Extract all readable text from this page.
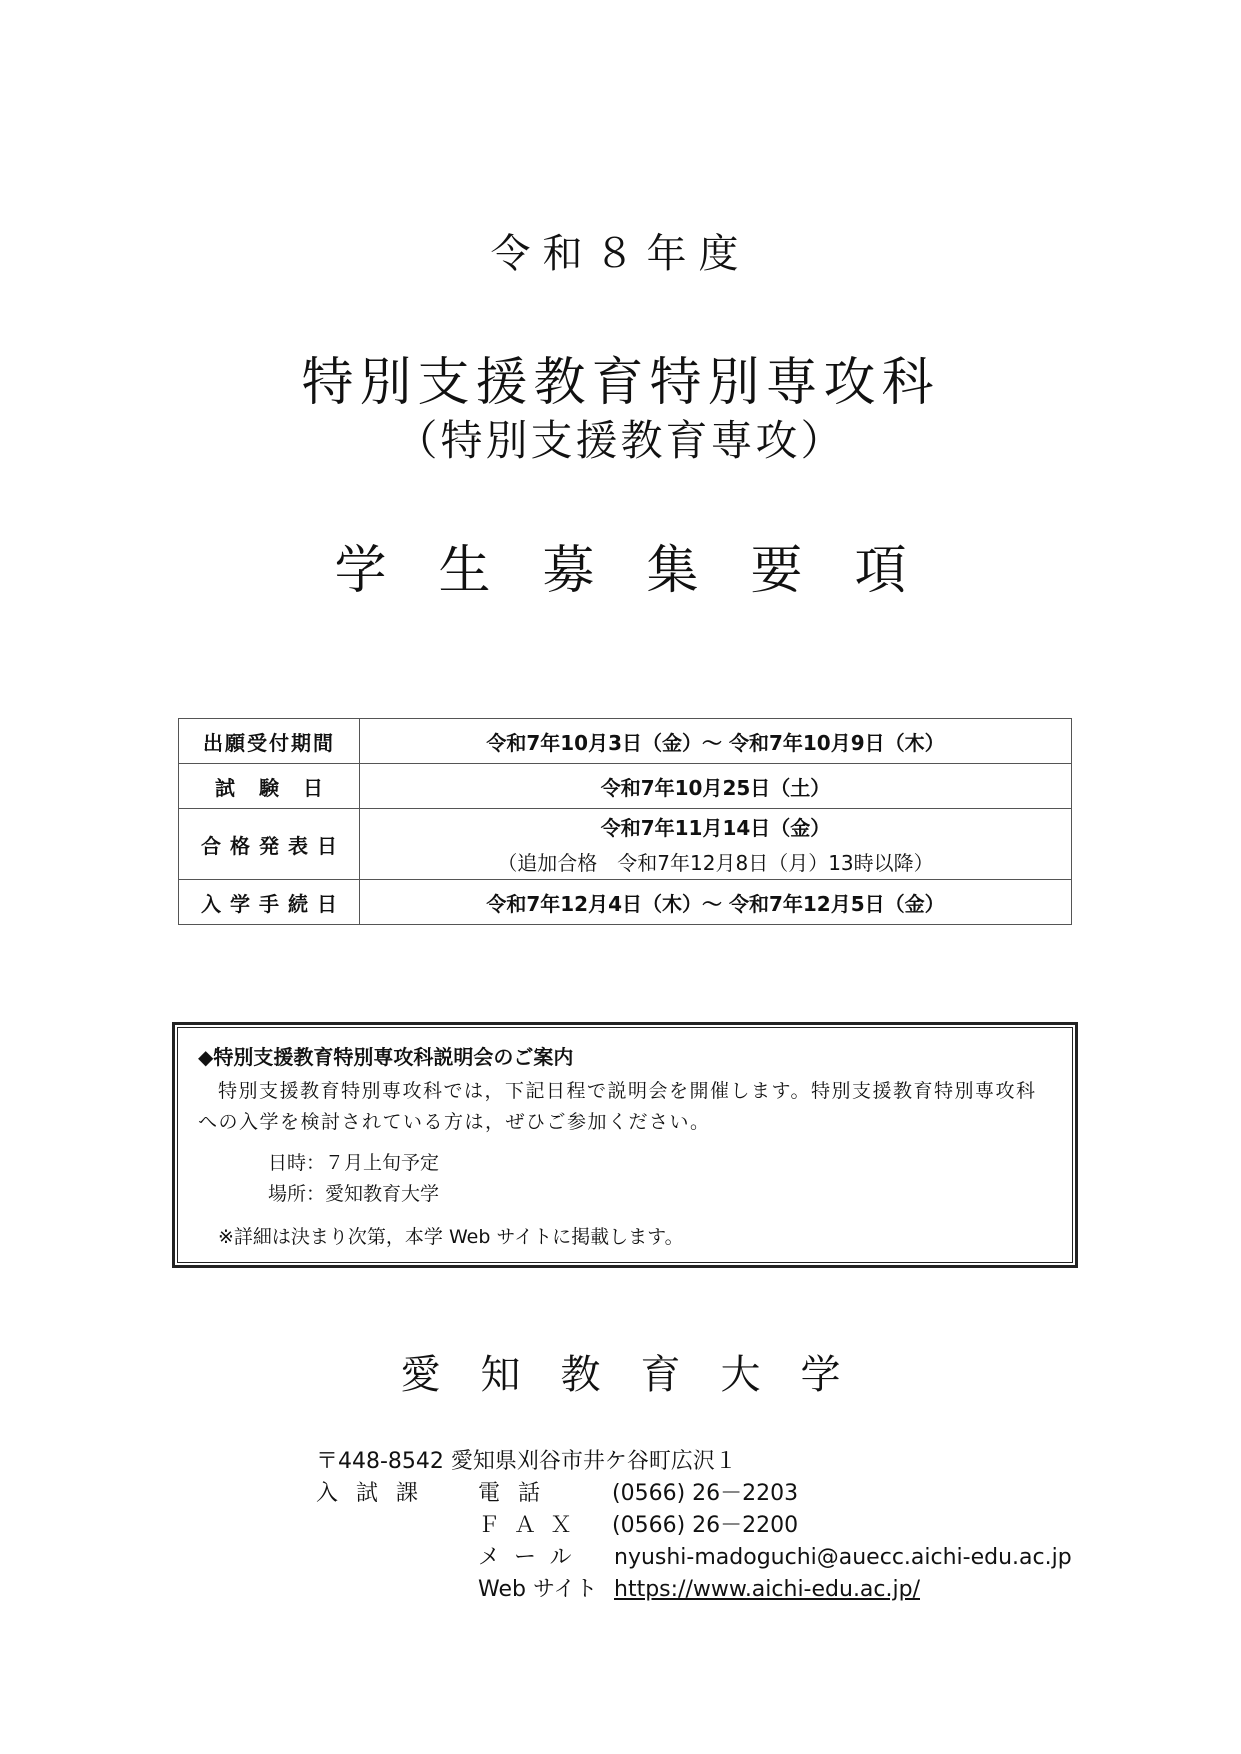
令和８年度
特別支援教育特別専攻科
（特別支援教育専攻）
学生募集要項
出願受付期間	令和7年10月3日（金）～ 令和7年10月9日（木）
試験日	令和7年10月25日（土）
合格発表日	令和7年11月14日（金）
（追加合格　令和7年12月8日（月）13時以降）

入学手続日	令和7年12月4日（木）～ 令和7年12月5日（金）
◆特別支援教育特別専攻科説明会のご案内
特別支援教育特別専攻科では，下記日程で説明会を開催します。特別支援教育特別専攻科への入学を検討されている方は，ぜひご参加ください。
日時：７月上旬予定
場所：愛知教育大学
※詳細は決まり次第，本学 Web サイトに掲載します。
愛知教育大学
〒448-8542 愛知県刈谷市井ケ谷町広沢１
入試課 電話 (0566) 26－2203
ＦＡＸ (0566) 26－2200
メール nyushi-madoguchi@auecc.aichi-edu.ac.jp
Web サイト https://www.aichi-edu.ac.jp/
